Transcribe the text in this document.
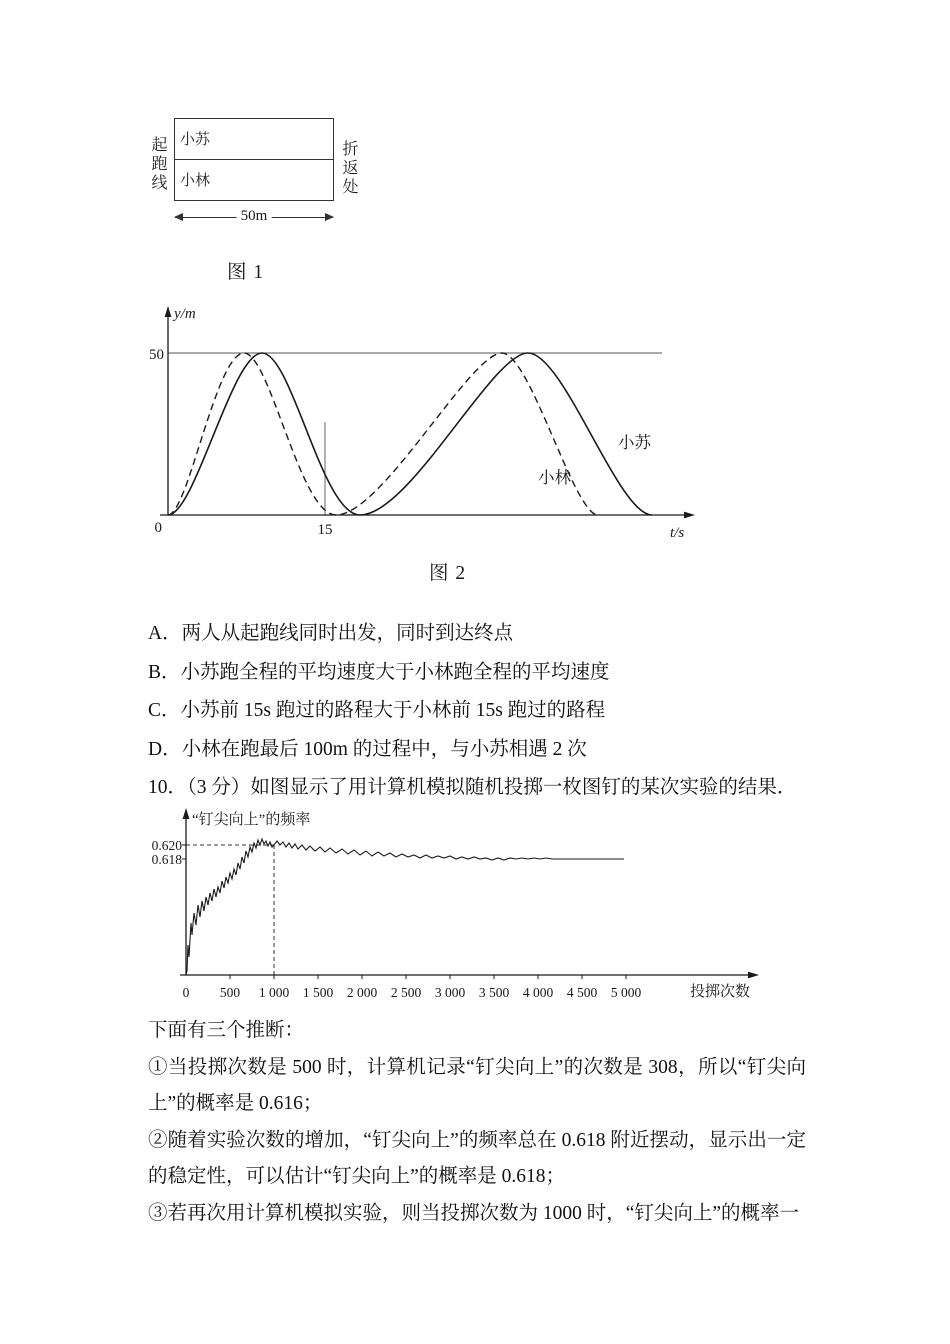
起跑线 小苏
小林	折返处
50m
图 1
y/m
50
0	15	t/s
小苏
小林
图 2
A．两人从起跑线同时出发，同时到达终点
B．小苏跑全程的平均速度大于小林跑全程的平均速度
C．小苏前 15s 跑过的路程大于小林前 15s 跑过的路程
D．小林在跑最后 100m 的过程中，与小苏相遇 2 次
10．（3 分）如图显示了用计算机模拟随机投掷一枚图钉的某次实验的结果．
“钉尖向上”的频率
0.620
0.618
0 500 1 000 1 500 2 000 2 500 3 000 3 500 4 000 4 500 5 000	投掷次数

下面有三个推断：

①当投掷次数是 500 时，计算机记录“钉尖向上”的次数是 308，所以“钉尖向上”的概率是 0.616；

②随着实验次数的增加，“钉尖向上”的频率总在 0.618 附近摆动，显示出一定的稳定性，可以估计“钉尖向上”的概率是 0.618；

③若再次用计算机模拟实验，则当投掷次数为 1000 时，“钉尖向上”的概率一
